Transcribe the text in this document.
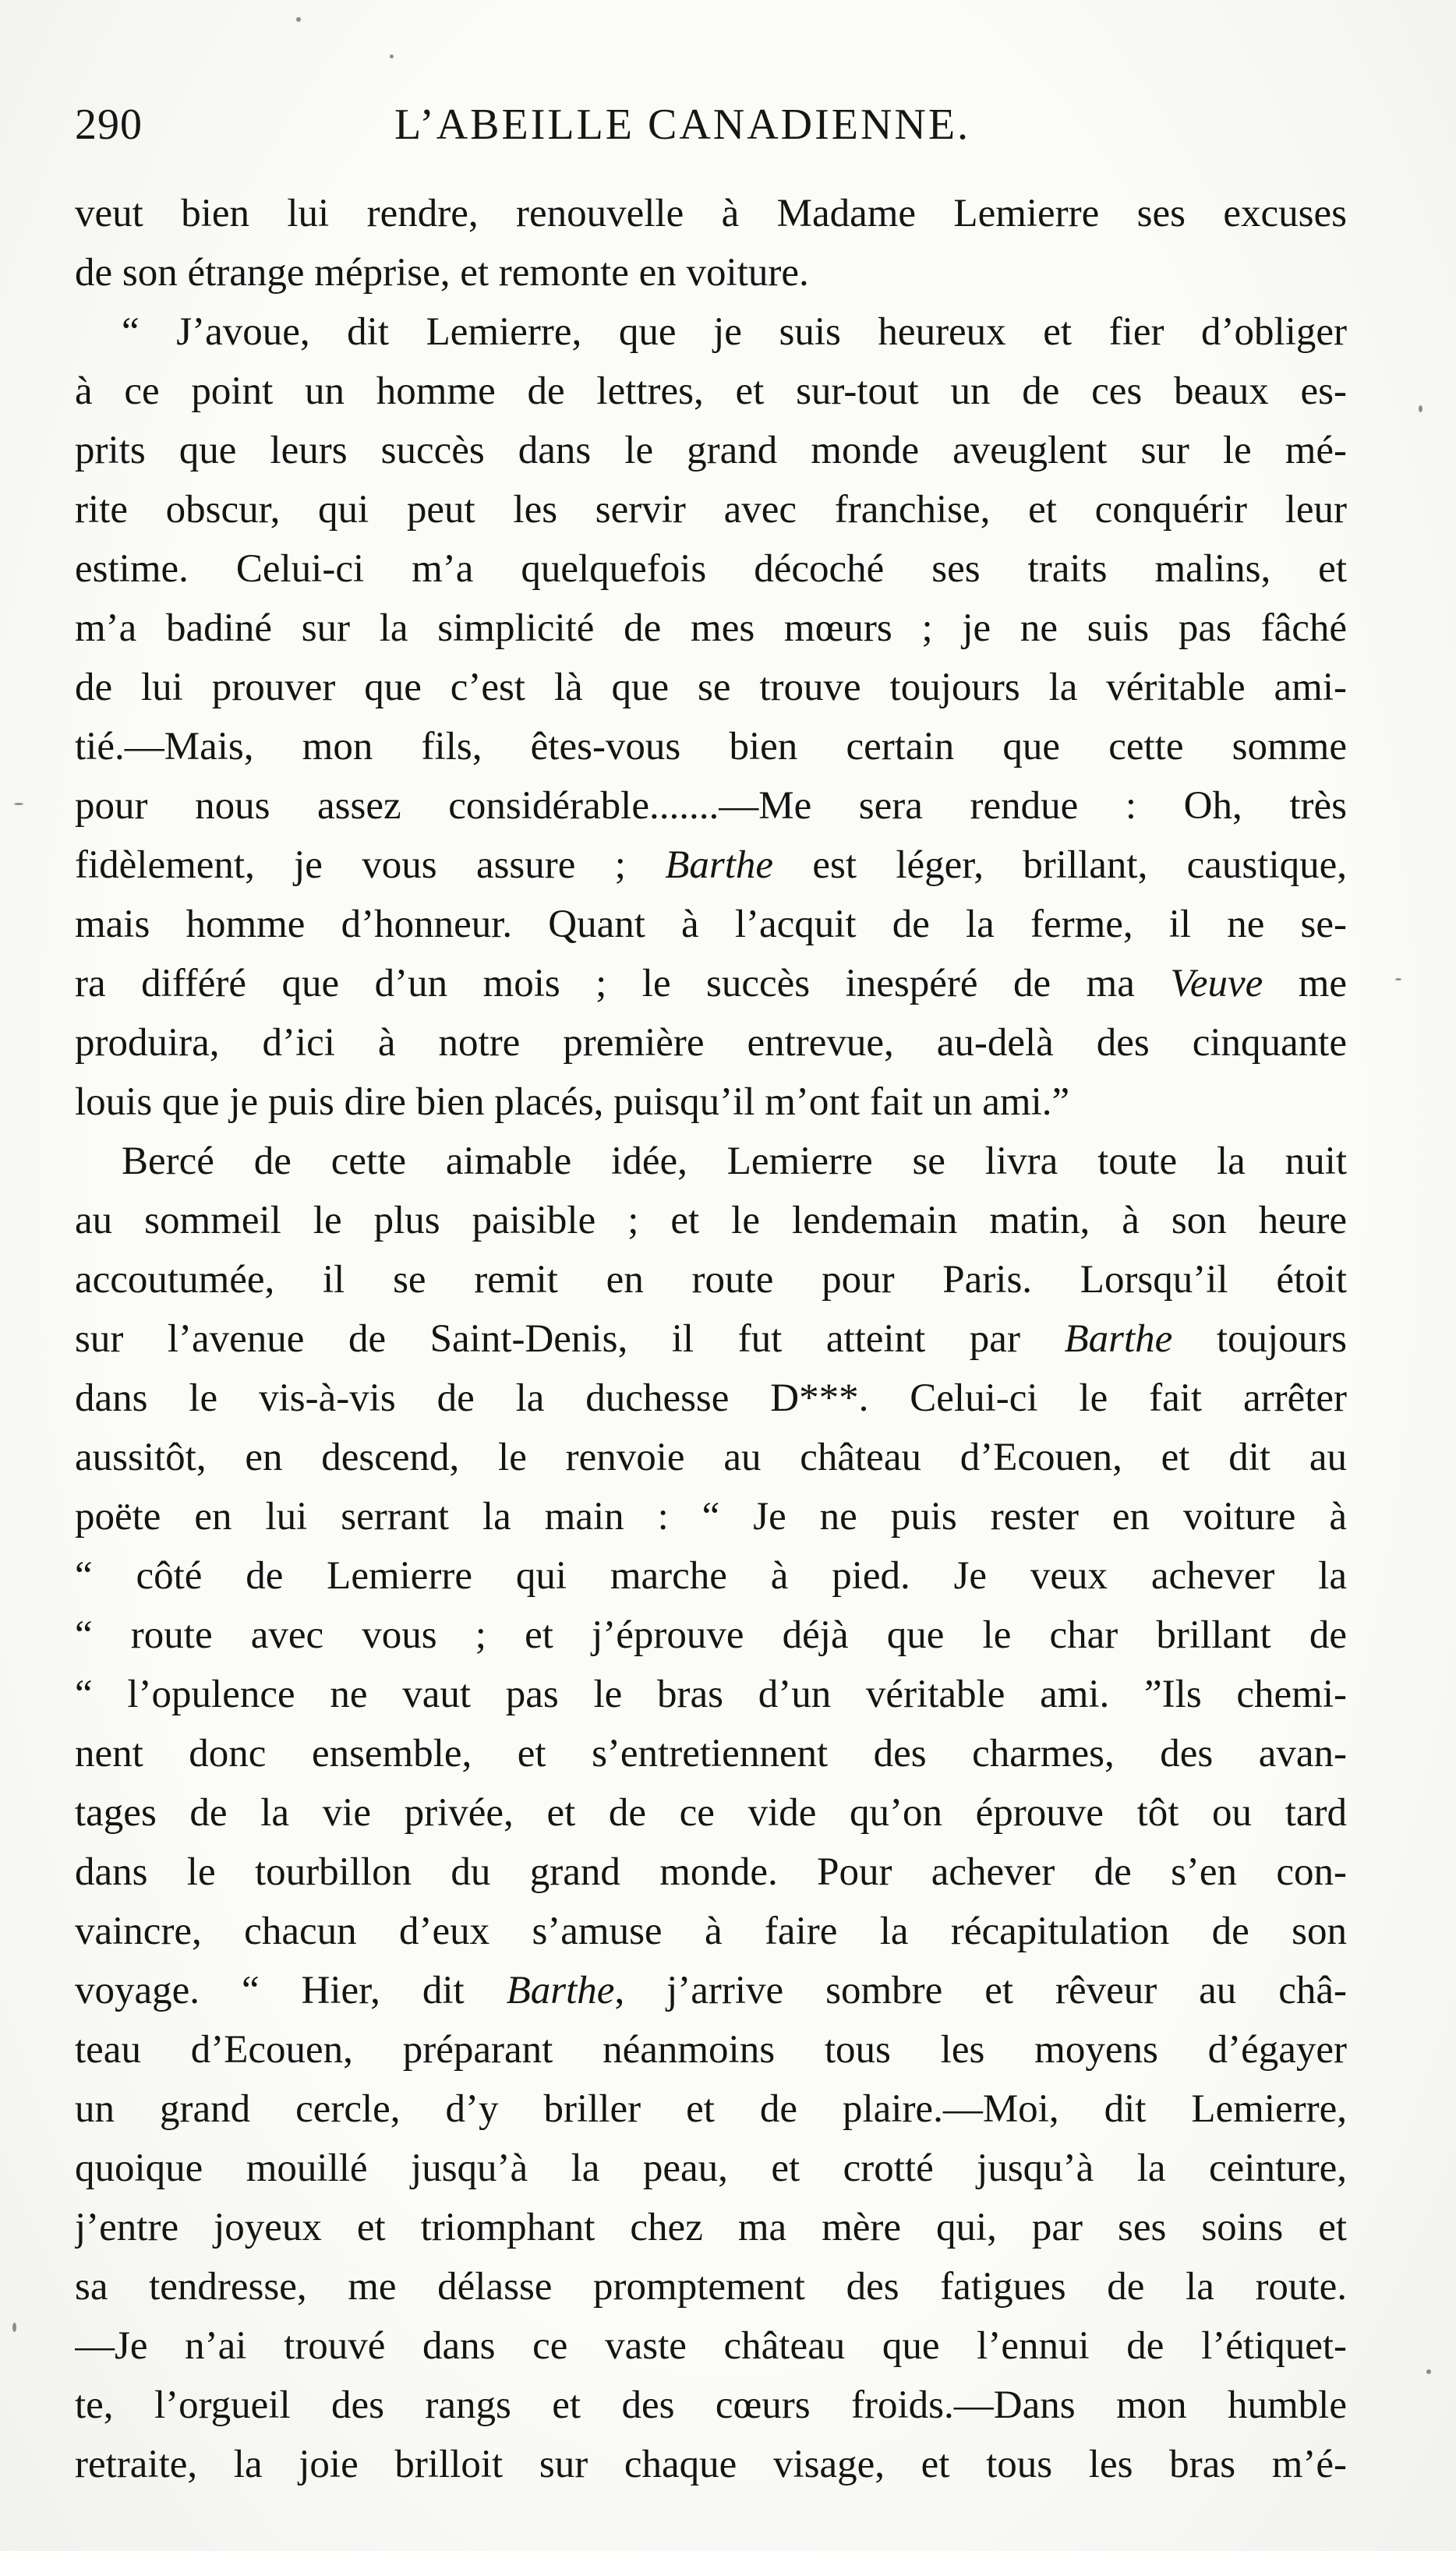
290	L’ABEILLE CANADIENNE.
veut bien lui rendre, renouvelle à Madame Lemierre ses excuses
de son étrange méprise, et remonte en voiture.
“ J’avoue, dit Lemierre, que je suis heureux et fier d’obliger
à ce point un homme de lettres, et sur-tout un de ces beaux es-
prits que leurs succès dans le grand monde aveuglent sur le mé-
rite obscur, qui peut les servir avec franchise, et conquérir leur
estime. Celui-ci m’a quelquefois décoché ses traits malins, et
m’a badiné sur la simplicité de mes mœurs ; je ne suis pas fâché
de lui prouver que c’est là que se trouve toujours la véritable ami-
tié.—Mais, mon fils, êtes-vous bien certain que cette somme
pour nous assez considérable.......—Me sera rendue : Oh, très
fidèlement, je vous assure ; Barthe est léger, brillant, caustique,
mais homme d’honneur. Quant à l’acquit de la ferme, il ne se-
ra différé que d’un mois ; le succès inespéré de ma Veuve me
produira, d’ici à notre première entrevue, au-delà des cinquante
louis que je puis dire bien placés, puisqu’il m’ont fait un ami.”
Bercé de cette aimable idée, Lemierre se livra toute la nuit
au sommeil le plus paisible ; et le lendemain matin, à son heure
accoutumée, il se remit en route pour Paris. Lorsqu’il étoit
sur l’avenue de Saint-Denis, il fut atteint par Barthe toujours
dans le vis-à-vis de la duchesse D***. Celui-ci le fait arrêter
aussitôt, en descend, le renvoie au château d’Ecouen, et dit au
poëte en lui serrant la main : “ Je ne puis rester en voiture à
“ côté de Lemierre qui marche à pied. Je veux achever la
“ route avec vous ; et j’éprouve déjà que le char brillant de
“ l’opulence ne vaut pas le bras d’un véritable ami. ”Ils chemi-
nent donc ensemble, et s’entretiennent des charmes, des avan-
tages de la vie privée, et de ce vide qu’on éprouve tôt ou tard
dans le tourbillon du grand monde. Pour achever de s’en con-
vaincre, chacun d’eux s’amuse à faire la récapitulation de son
voyage. “ Hier, dit Barthe, j’arrive sombre et rêveur au châ-
teau d’Ecouen, préparant néanmoins tous les moyens d’égayer
un grand cercle, d’y briller et de plaire.—Moi, dit Lemierre,
quoique mouillé jusqu’à la peau, et crotté jusqu’à la ceinture,
j’entre joyeux et triomphant chez ma mère qui, par ses soins et
sa tendresse, me délasse promptement des fatigues de la route.
—Je n’ai trouvé dans ce vaste château que l’ennui de l’étiquet-
te, l’orgueil des rangs et des cœurs froids.—Dans mon humble
retraite, la joie brilloit sur chaque visage, et tous les bras m’é-
